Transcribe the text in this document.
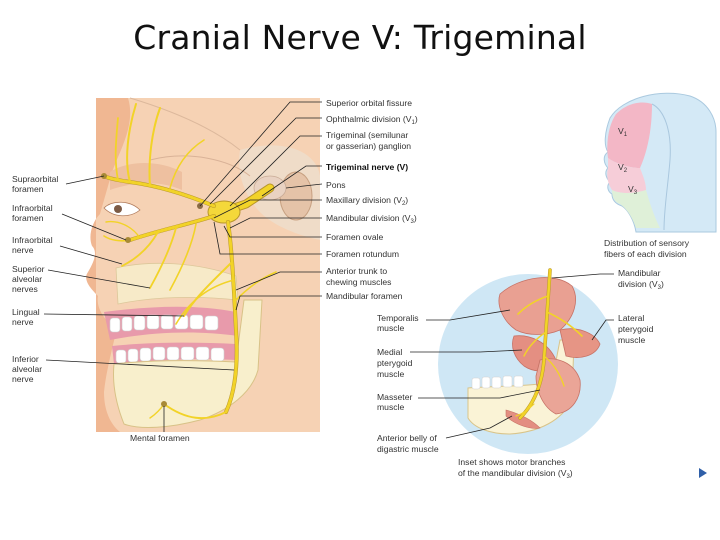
Cranial Nerve V: Trigeminal
Supraorbital
foramen
Infraorbital
foramen
Infraorbital
nerve
Superior
alveolar
nerves
Lingual
nerve
Inferior
alveolar
nerve
Mental foramen
Superior orbital fissure
Ophthalmic division $(V_1)$
Trigeminal (semilunar
or gasserian) ganglion
Trigeminal nerve (V)
Pons
Maxillary division $(V_2)$
Mandibular division $(V_3)$
Foramen ovale
Foramen rotundum
Anterior trunk to
chewing muscles
Mandibular foramen
$V_1$
$V_2$
$V_3$
Distribution of sensory
fibers of each division
Temporalis
muscle
Medial
pterygoid
muscle
Masseter
muscle
Anterior belly of
digastric muscle
Mandibular
division $(V_3)$
Lateral
pterygoid
muscle
Inset shows motor branches
of the mandibular division $(V_3)$
